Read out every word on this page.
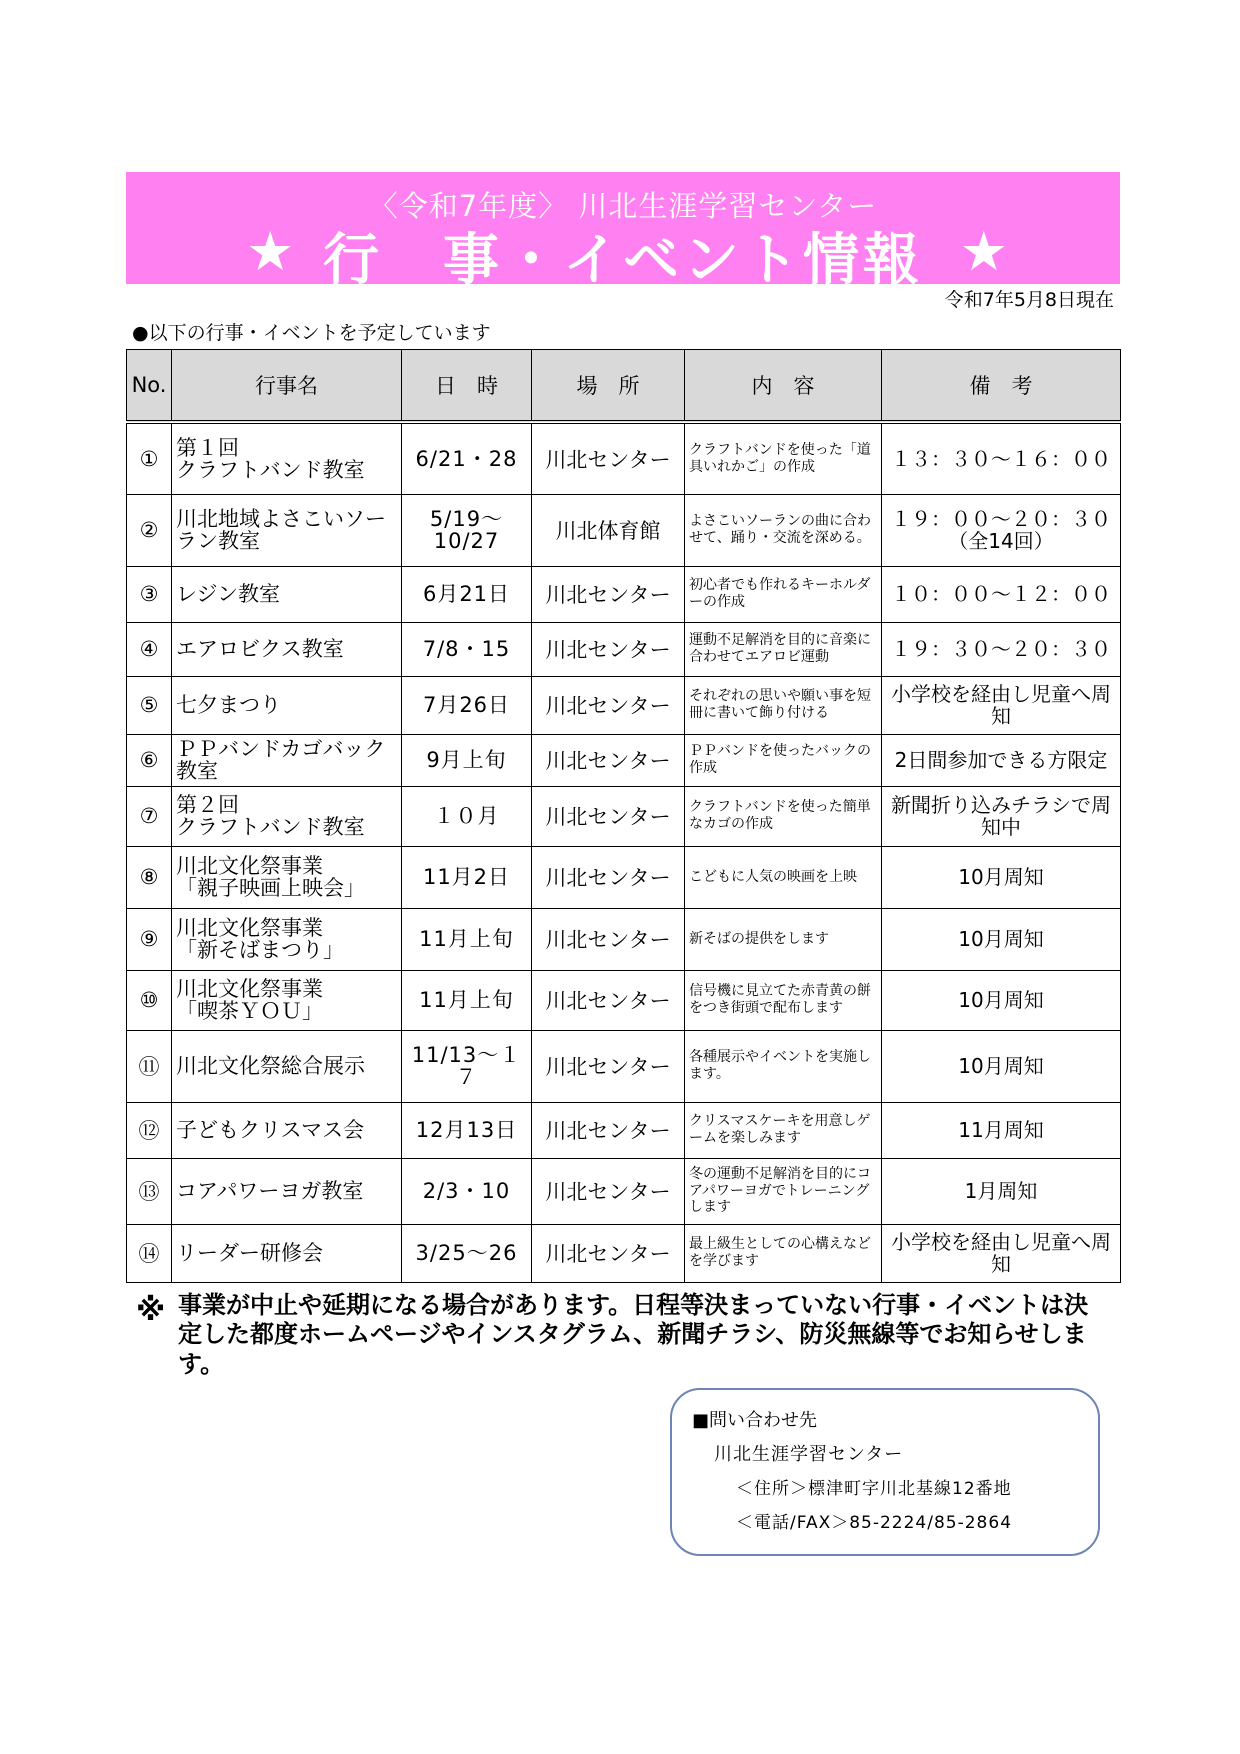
〈令和7年度〉 川北生涯学習センター
★ 行　事・イベント情報 ★
令和7年5月8日現在
●以下の行事・イベントを予定しています
No.	行事名	日　時	場　所	内　容	備　考
①	第１回
クラフトバンド教室	6/21・28	川北センター	クラフトバンドを使った「道具いれかご」の作成	１３：３０～１６：００
②	川北地域よさこいソーラン教室	5/19～
10/27	川北体育館	よさこいソーランの曲に合わせて、踊り・交流を深める。	１９：００～２０：３０
（全14回）
③	レジン教室	6月21日	川北センター	初心者でも作れるキーホルダーの作成	１０：００～１２：００
④	エアロビクス教室	7/8・15	川北センター	運動不足解消を目的に音楽に合わせてエアロビ運動	１９：３０～２０：３０
⑤	七夕まつり	7月26日	川北センター	それぞれの思いや願い事を短冊に書いて飾り付ける	小学校を経由し児童へ周知
⑥	ＰＰバンドカゴバック教室	9月上旬	川北センター	ＰＰバンドを使ったバックの作成	2日間参加できる方限定
⑦	第２回
クラフトバンド教室	１０月	川北センター	クラフトバンドを使った簡単なカゴの作成	新聞折り込みチラシで周知中
⑧	川北文化祭事業
「親子映画上映会」	11月2日	川北センター	こどもに人気の映画を上映	10月周知
⑨	川北文化祭事業
「新そばまつり」	11月上旬	川北センター	新そばの提供をします	10月周知
⑩	川北文化祭事業
「喫茶ＹＯＵ」	11月上旬	川北センター	信号機に見立てた赤青黄の餅をつき街頭で配布します	10月周知
⑪	川北文化祭総合展示	11/13～１７	川北センター	各種展示やイベントを実施します。	10月周知
⑫	子どもクリスマス会	12月13日	川北センター	クリスマスケーキを用意しゲームを楽しみます	11月周知
⑬	コアパワーヨガ教室	2/3・10	川北センター	冬の運動不足解消を目的にコアパワーヨガでトレーニングします	1月周知
⑭	リーダー研修会	3/25～26	川北センター	最上級生としての心構えなどを学びます	小学校を経由し児童へ周知
※ 事業が中止や延期になる場合があります。日程等決まっていない行事・イベントは決定した都度ホームページやインスタグラム、新聞チラシ、防災無線等でお知らせします。
■問い合わせ先
川北生涯学習センター
＜住所＞標津町字川北基線12番地
＜電話/FAX＞85-2224/85-2864
